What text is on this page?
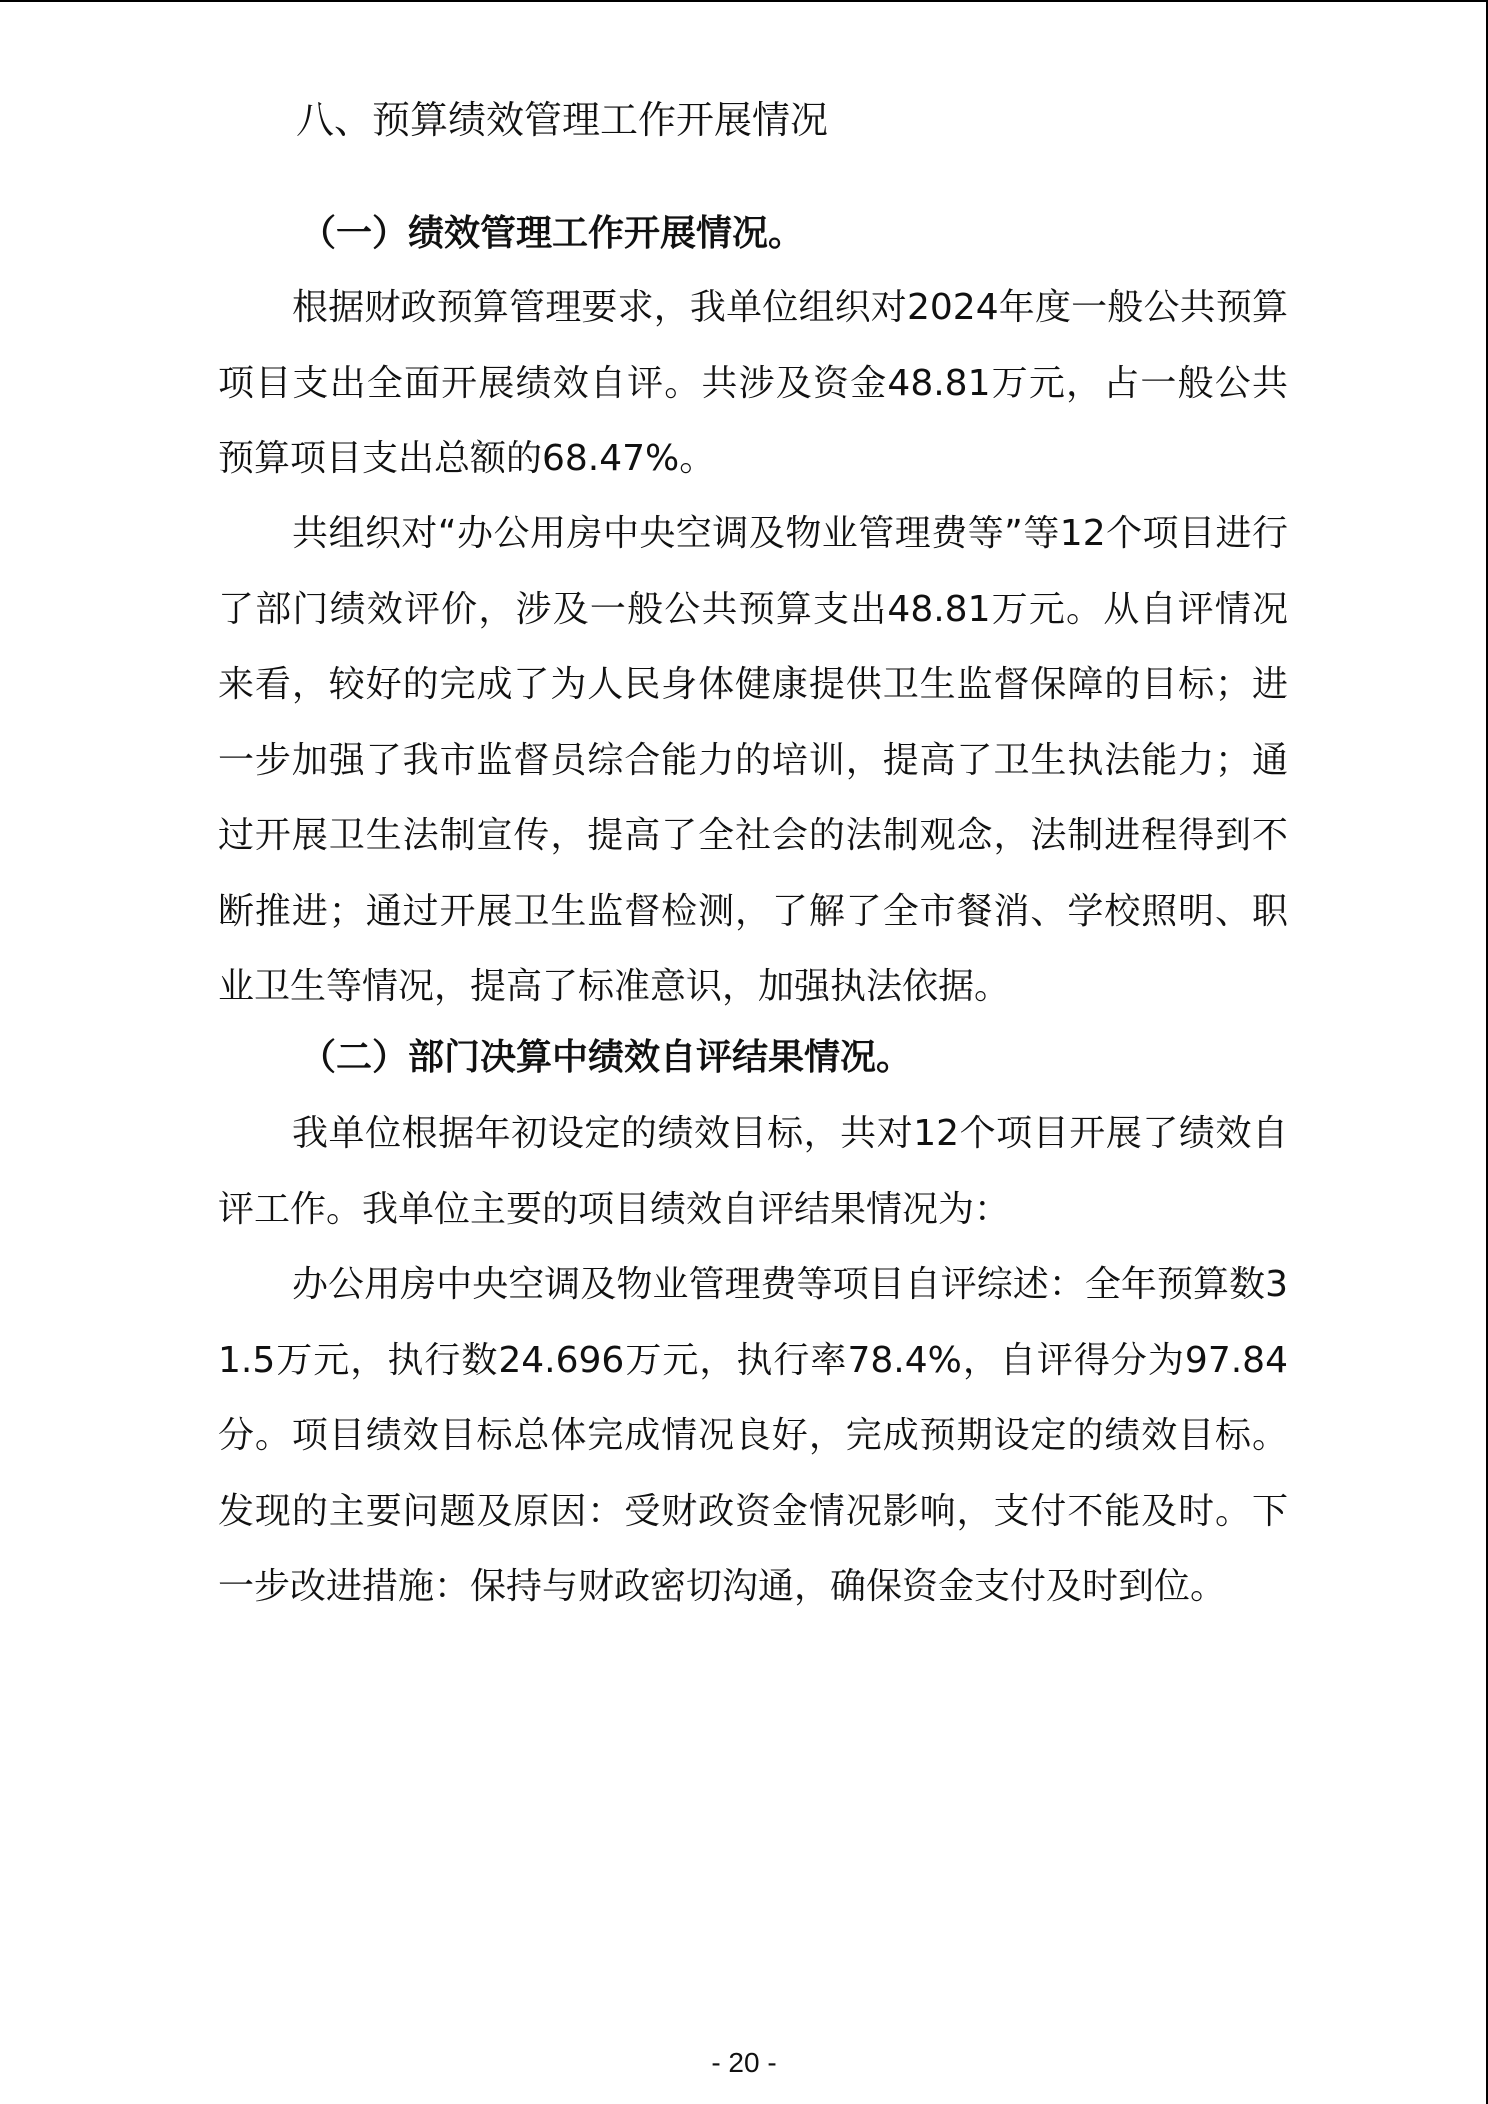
八、预算绩效管理工作开展情况
（一）绩效管理工作开展情况。

根据财政预算管理要求，我单位组织对2024年度一般公共预算项目支出全面开展绩效自评。共涉及资金48.81万元，占一般公共预算项目支出总额的68.47%。

共组织对“办公用房中央空调及物业管理费等”等12个项目进行了部门绩效评价，涉及一般公共预算支出48.81万元。从自评情况来看，较好的完成了为人民身体健康提供卫生监督保障的目标；进一步加强了我市监督员综合能力的培训，提高了卫生执法能力；通过开展卫生法制宣传，提高了全社会的法制观念，法制进程得到不断推进；通过开展卫生监督检测，了解了全市餐消、学校照明、职业卫生等情况，提高了标准意识，加强执法依据。

（二）部门决算中绩效自评结果情况。

我单位根据年初设定的绩效目标，共对12个项目开展了绩效自评工作。我单位主要的项目绩效自评结果情况为：

办公用房中央空调及物业管理费等项目自评综述：全年预算数31.5万元，执行数24.696万元，执行率78.4%，自评得分为97.84分。项目绩效目标总体完成情况良好，完成预期设定的绩效目标。发现的主要问题及原因：受财政资金情况影响，支付不能及时。下一步改进措施：保持与财政密切沟通，确保资金支付及时到位。

- 20 -
